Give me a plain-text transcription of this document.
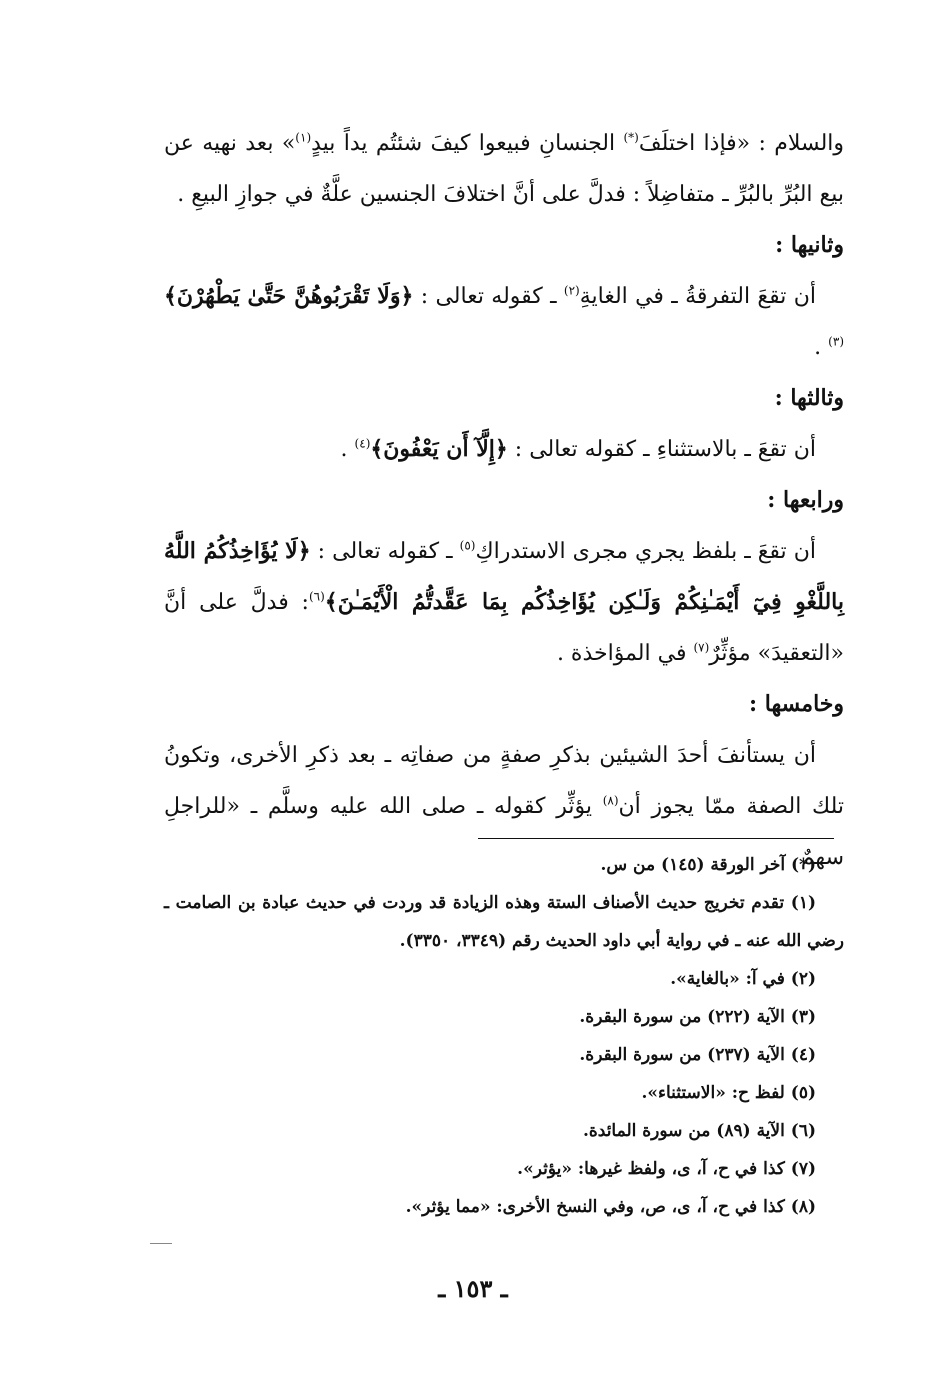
والسلام : «فإذا اختلَفَ(*) الجنسانِ فبيعوا كيفَ شئتُم يداً بيدٍ$^{(١)}$» بعد نهيه عن بيع البُرِّ بالبُرِّ ـ متفاضِلاً : فدلَّ على أنَّ اختلافَ الجنسين علَّةٌ في جوازِ البيعِ .

وثانيها :

أن تقعَ التفرقةُ ـ في الغايةِ$^{(٢)}$ ـ كقوله تعالى : ﴿وَلَا تَقْرَبُوهُنَّ حَتَّىٰ يَطْهُرْنَ﴾$^{(٣)}$ .

وثالثها :

أن تقعَ ـ بالاستثناءِ ـ كقوله تعالى : ﴿إِلَّآ أَن يَعْفُونَ﴾$^{(٤)}$ .

ورابعها :

أن تقعَ ـ بلفظ يجري مجرى الاستدراكِ$^{(٥)}$ ـ كقوله تعالى : ﴿لَا يُؤَاخِذُكُمُ اللَّهُ بِاللَّغْوِ فِيٓ أَيْمَـٰنِكُمْ وَلَـٰكِن يُؤَاخِذُكُم بِمَا عَقَّدتُّمُ الْأَيْمَـٰنَ﴾$^{(٦)}$: فدلَّ على أنَّ «التعقيدَ» مؤثِّرٌ$^{(٧)}$ في المؤاخذة .

وخامسها :

أن يستأنفَ أحدَ الشيئين بذكرِ صفةٍ من صفاتِه ـ بعد ذكرِ الأخرى، وتكونُ تلك الصفة ممّا يجوز أن$^{(٨)}$ يؤثِّر كقوله ـ صلى الله عليه وسلَّم ـ «للراجلِ سهمٌ

(*) آخر الورقة (١٤٥) من س.

(١) تقدم تخريج حديث الأصناف الستة وهذه الزيادة قد وردت في حديث عبادة بن الصامت ـ رضي الله عنه ـ في رواية أبي داود الحديث رقم (٣٣٤٩، ٣٣٥٠).

(٢) في آ: «بالغاية».

(٣) الآية (٢٢٢) من سورة البقرة.

(٤) الآية (٢٣٧) من سورة البقرة.

(٥) لفظ ح: «الاستثناء».

(٦) الآية (٨٩) من سورة المائدة.

(٧) كذا في ح، آ، ى، ولفظ غيرها: «يؤثر».

(٨) كذا في ح، آ، ى، ص، وفي النسخ الأخرى: «مما يؤثر».

ـ ١٥٣ ـ
